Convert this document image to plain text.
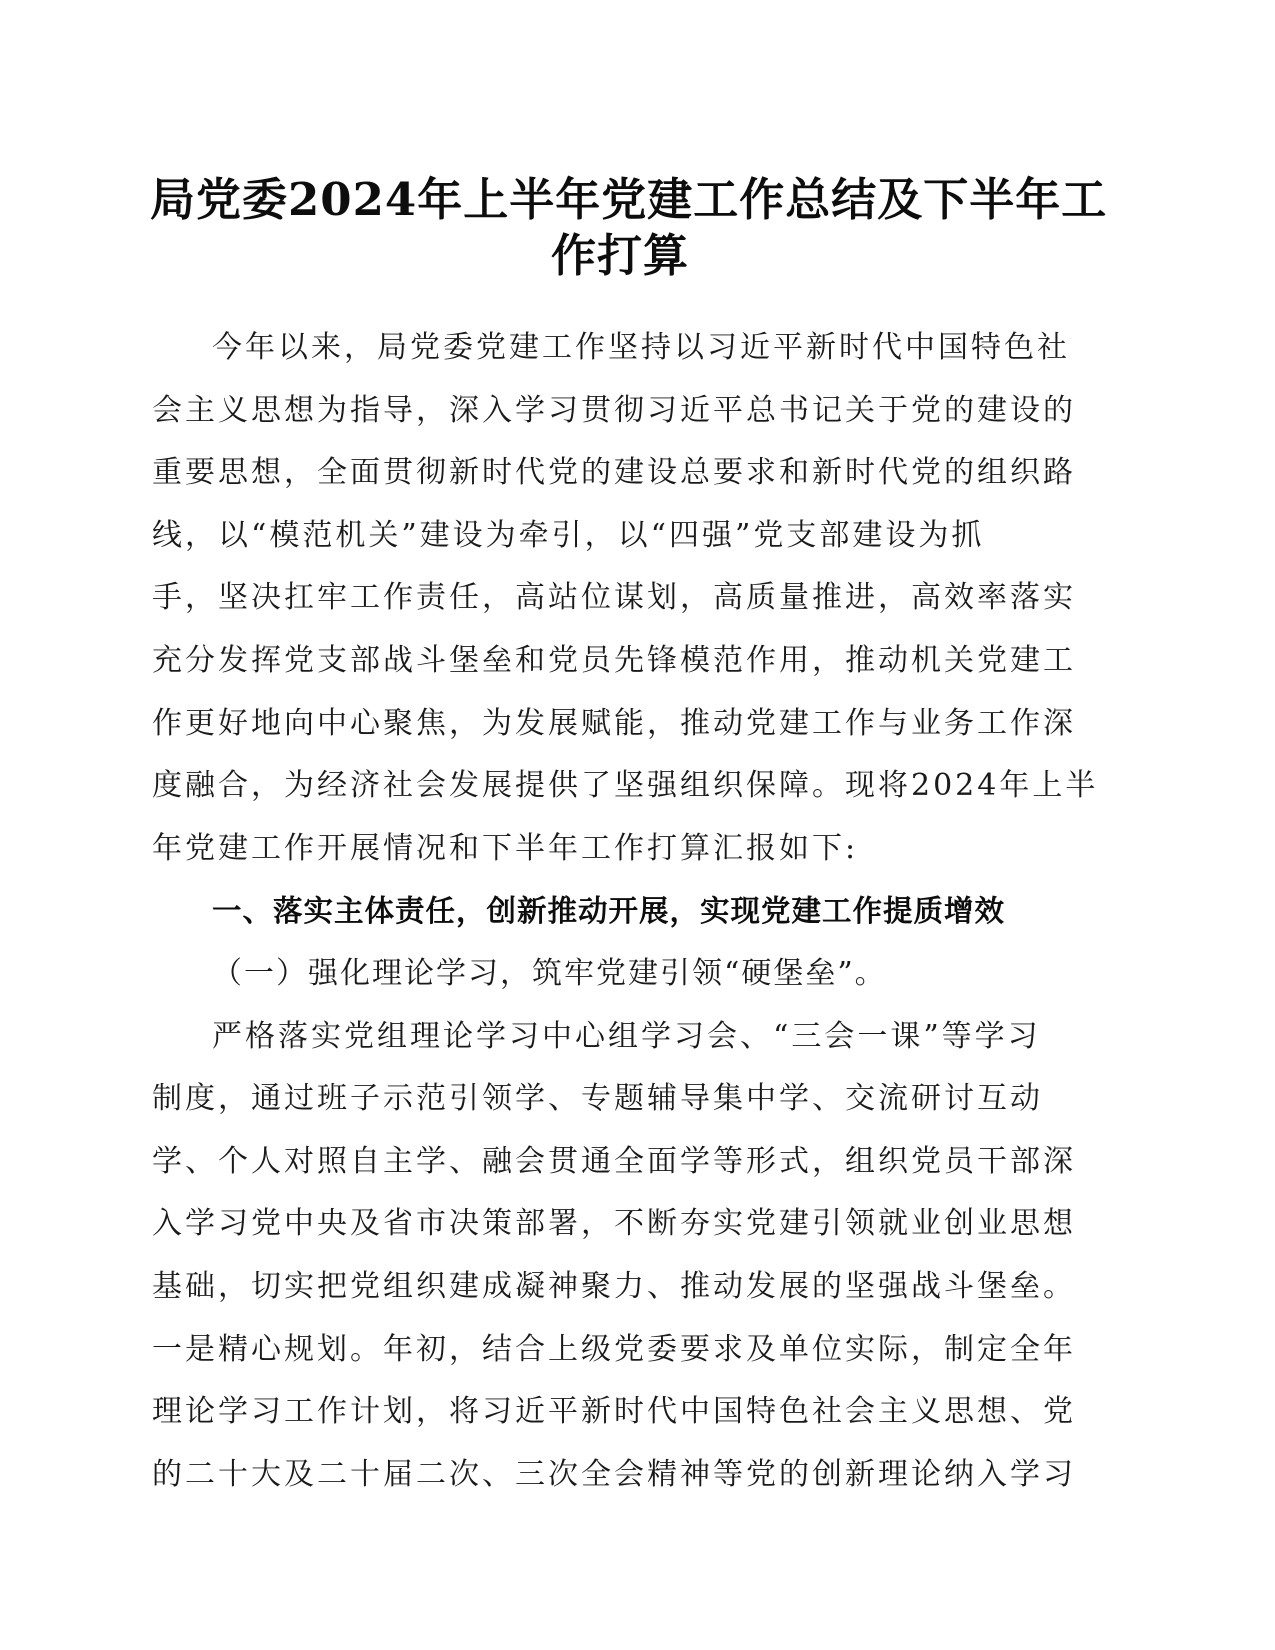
局党委2024年上半年党建工作总结及下半年工
作打算
今年以来，局党委党建工作坚持以习近平新时代中国特色社
会主义思想为指导，深入学习贯彻习近平总书记关于党的建设的
重要思想，全面贯彻新时代党的建设总要求和新时代党的组织路
线，以“模范机关”建设为牵引，以“四强”党支部建设为抓
手，坚决扛牢工作责任，高站位谋划，高质量推进，高效率落实
充分发挥党支部战斗堡垒和党员先锋模范作用，推动机关党建工
作更好地向中心聚焦，为发展赋能，推动党建工作与业务工作深
度融合，为经济社会发展提供了坚强组织保障。现将2024年上半
年党建工作开展情况和下半年工作打算汇报如下:
一、落实主体责任，创新推动开展，实现党建工作提质增效
（一）强化理论学习，筑牢党建引领“硬堡垒”。
严格落实党组理论学习中心组学习会、“三会一课”等学习
制度，通过班子示范引领学、专题辅导集中学、交流研讨互动
学、个人对照自主学、融会贯通全面学等形式，组织党员干部深
入学习党中央及省市决策部署，不断夯实党建引领就业创业思想
基础，切实把党组织建成凝神聚力、推动发展的坚强战斗堡垒。
一是精心规划。年初，结合上级党委要求及单位实际，制定全年
理论学习工作计划，将习近平新时代中国特色社会主义思想、党
的二十大及二十届二次、三次全会精神等党的创新理论纳入学习
